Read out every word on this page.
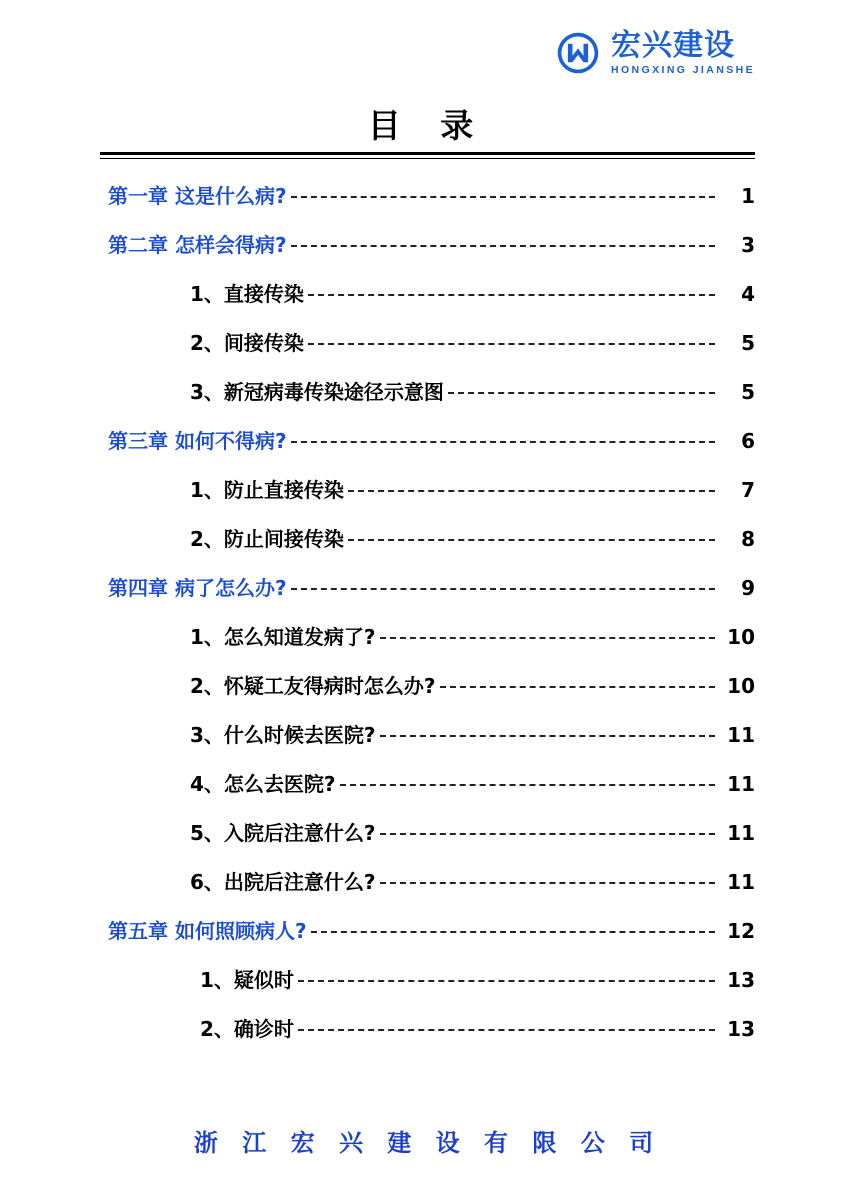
宏兴建设
HONGXING JIANSHE
目 录
第一章 这是什么病?	1
第二章 怎样会得病?	3
1、直接传染	4
2、间接传染	5
3、新冠病毒传染途径示意图	5
第三章 如何不得病?	6
1、防止直接传染	7
2、防止间接传染	8
第四章 病了怎么办?	9
1、怎么知道发病了?	10
2、怀疑工友得病时怎么办?	10
3、什么时候去医院?	11
4、怎么去医院?	11
5、入院后注意什么?	11
6、出院后注意什么?	11
第五章 如何照顾病人?	12
1、疑似时	13
2、确诊时	13
浙 江 宏 兴 建 设 有 限 公 司
